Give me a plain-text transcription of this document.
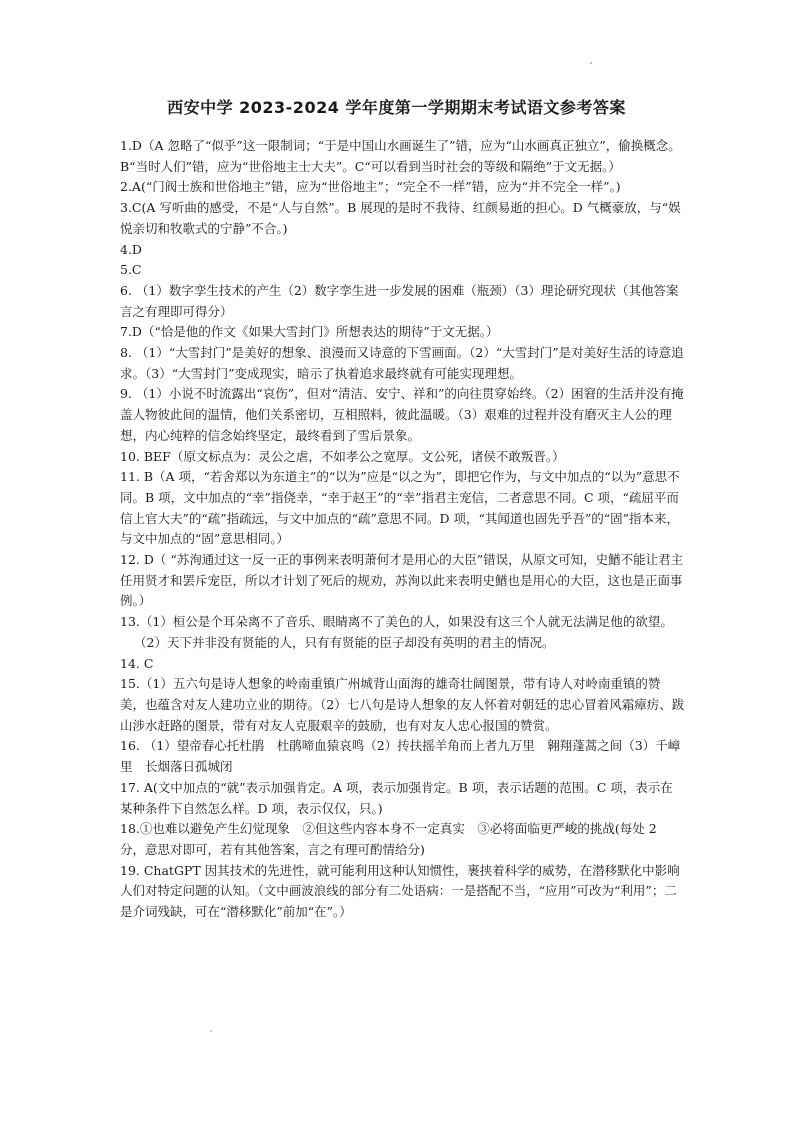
西安中学 2023-2024 学年度第一学期期末考试语文参考答案

1.D（A 忽略了“似乎”这一限制词；“于是中国山水画诞生了”错，应为“山水画真正独立”，偷换概念。B“当时人们”错，应为“世俗地主士大夫”。C“可以看到当时社会的等级和隔绝”于文无据。）

2.A(“门阀士族和世俗地主”错，应为“世俗地主”；“完全不一样”错，应为“并不完全一样”。)

3.C(A 写听曲的感受，不是“人与自然”。B 展现的是时不我待、红颜易逝的担心。D 气概豪放，与“娱悦亲切和牧歌式的宁静”不合。)

4.D

5.C

6. （1）数字孪生技术的产生（2）数字孪生进一步发展的困难（瓶颈）（3）理论研究现状（其他答案言之有理即可得分）

7.D（“恰是他的作文《如果大雪封门》所想表达的期待”于文无据。）

8. （1）“大雪封门”是美好的想象、浪漫而又诗意的下雪画面。（2）“大雪封门”是对美好生活的诗意追求。（3）“大雪封门”变成现实，暗示了执着追求最终就有可能实现理想。

9. （1）小说不时流露出“哀伤”，但对“清洁、安宁、祥和”的向往贯穿始终。（2）困窘的生活并没有掩盖人物彼此间的温情，他们关系密切，互相照料，彼此温暖。（3）艰难的过程并没有磨灭主人公的理想，内心纯粹的信念始终坚定，最终看到了雪后景象。

10. BEF（原文标点为：灵公之虐，不如孝公之宽厚。文公死，诸侯不敢叛晋。）

11. B（A 项，“若舍郑以为东道主”的“以为”应是“以之为”，即把它作为，与文中加点的“以为”意思不同。B 项，文中加点的“幸”指侥幸，“幸于赵王”的“幸”指君主宠信，二者意思不同。C 项，“疏屈平而信上官大夫”的“疏”指疏远，与文中加点的“疏”意思不同。D 项，“其闻道也固先乎吾”的“固”指本来，与文中加点的“固”意思相同。）

12. D（ “苏洵通过这一反一正的事例来表明萧何才是用心的大臣”错误，从原文可知，史鰌不能让君主任用贤才和罢斥宠臣，所以才计划了死后的规劝，苏洵以此来表明史鰌也是用心的大臣，这也是正面事例。）

13.（1）桓公是个耳朵离不了音乐、眼睛离不了美色的人，如果没有这三个人就无法满足他的欲望。

（2）天下并非没有贤能的人，只有有贤能的臣子却没有英明的君主的情况。

14. C

15.（1）五六句是诗人想象的岭南重镇广州城背山面海的雄奇壮阔图景，带有诗人对岭南重镇的赞美，也蕴含对友人建功立业的期待。（2）七八句是诗人想象的友人怀着对朝廷的忠心冒着风霜瘴疠、跋山涉水赶路的图景，带有对友人克服艰辛的鼓励，也有对友人忠心报国的赞赏。

16. （1）望帝春心托杜鹃　杜鹃啼血猿哀鸣（2）抟扶摇羊角而上者九万里　翱翔蓬蒿之间（3）千嶂里　长烟落日孤城闭

17. A(文中加点的“就”表示加强肯定。A 项，表示加强肯定。B 项，表示话题的范围。C 项，表示在某种条件下自然怎么样。D 项，表示仅仅，只。)

18.①也难以避免产生幻觉现象　②但这些内容本身不一定真实　③必将面临更严峻的挑战(每处 2 分，意思对即可，若有其他答案，言之有理可酌情给分)

19. ChatGPT 因其技术的先进性，就可能利用这种认知惯性，裹挟着科学的威势，在潜移默化中影响人们对特定问题的认知。（文中画波浪线的部分有二处语病：一是搭配不当，“应用”可改为“利用”；二是介词残缺，可在“潜移默化”前加“在”。）
